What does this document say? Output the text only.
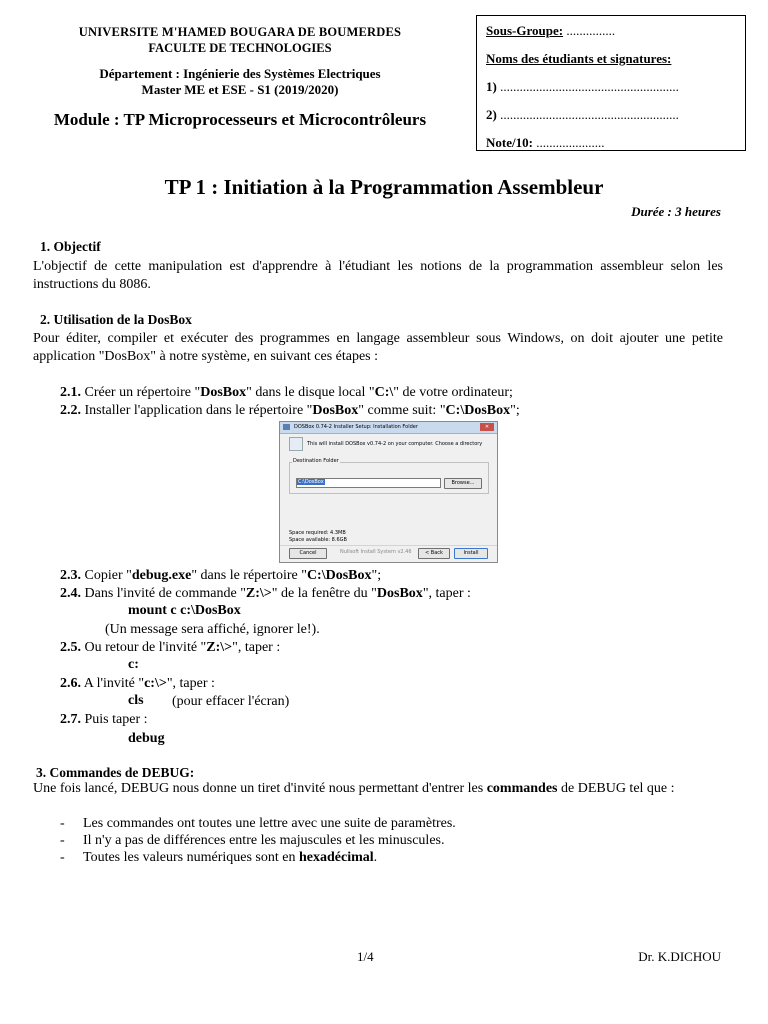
UNIVERSITE M'HAMED BOUGARA DE BOUMERDES
FACULTE DE TECHNOLOGIES
Département : Ingénierie des Systèmes Electriques
Master ME et ESE - S1 (2019/2020)
Module : TP Microprocesseurs et Microcontrôleurs
Sous-Groupe: ...............
Noms des étudiants et signatures:
1) .......................................................
2) .......................................................
Note/10: .....................
TP 1 : Initiation à la Programmation Assembleur
Durée : 3 heures
1. Objectif
L'objectif de cette manipulation est d'apprendre à l'étudiant les notions de la programmation assembleur selon les instructions du 8086.
2. Utilisation de la DosBox
Pour éditer, compiler et exécuter des programmes en langage assembleur sous Windows, on doit ajouter une petite application "DosBox" à notre système, en suivant ces étapes :
2.1. Créer un répertoire "DosBox" dans le disque local "C:\" de votre ordinateur;
2.2. Installer l'application dans le répertoire "DosBox" comme suit: "C:\DosBox";
DOSBox 0.74-2 Installer Setup: Installation Folder	✕
This will install DOSBox v0.74-2 on your computer. Choose a directory
Destination Folder
C:\DosBox	Browse...
Space required: 4.3MB
Space available: 8.6GB
Cancel	Nullsoft Install System v2.46	< Back	Install
2.3. Copier "debug.exe" dans le répertoire "C:\DosBox";
2.4. Dans l'invité de commande "Z:\>" de la fenêtre du "DosBox", taper :
mount c c:\DosBox
(Un message sera affiché, ignorer le!).
2.5. Ou retour de l'invité "Z:\>", taper :
c:
2.6. A l'invité "c:\>", taper :
cls (pour effacer l'écran)
2.7. Puis taper :
debug
3. Commandes de DEBUG:
Une fois lancé, DEBUG nous donne un tiret d'invité nous permettant d'entrer les commandes de DEBUG tel que :
- Les commandes ont toutes une lettre avec une suite de paramètres.
- Il n'y a pas de différences entre les majuscules et les minuscules.
- Toutes les valeurs numériques sont en hexadécimal.
1/4	Dr. K.DICHOU
